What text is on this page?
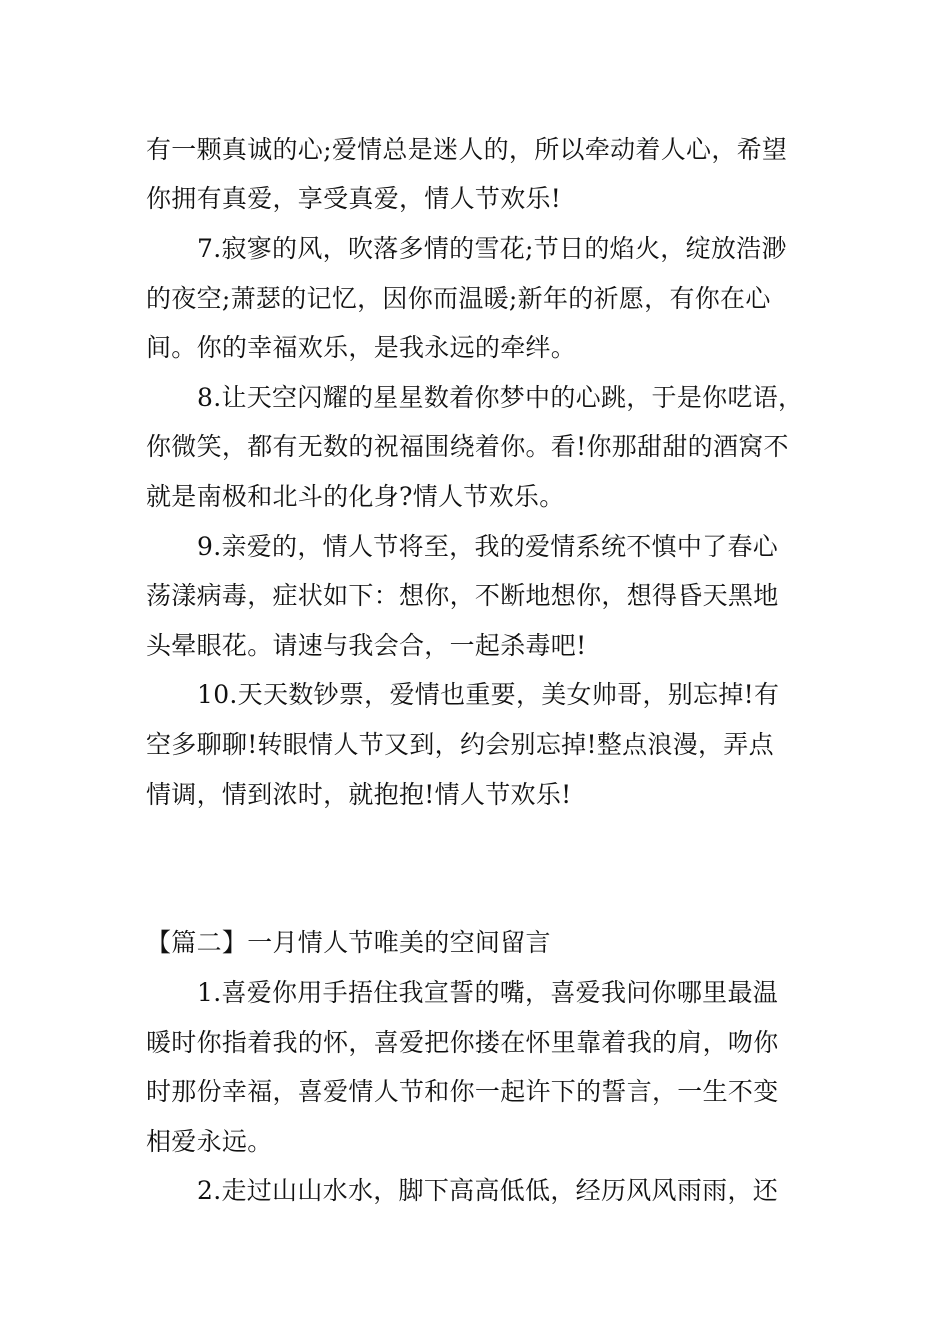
有一颗真诚的心;爱情总是迷人的，所以牵动着人心，希望
你拥有真爱，享受真爱，情人节欢乐!
7.寂寥的风，吹落多情的雪花;节日的焰火，绽放浩渺
的夜空;萧瑟的记忆，因你而温暖;新年的祈愿，有你在心
间。你的幸福欢乐，是我永远的牵绊。
8.让天空闪耀的星星数着你梦中的心跳，于是你呓语，
你微笑，都有无数的祝福围绕着你。看!你那甜甜的酒窝不
就是南极和北斗的化身?情人节欢乐。
9.亲爱的，情人节将至，我的爱情系统不慎中了春心
荡漾病毒，症状如下：想你，不断地想你，想得昏天黑地
头晕眼花。请速与我会合，一起杀毒吧!
10.天天数钞票，爱情也重要，美女帅哥，别忘掉!有
空多聊聊!转眼情人节又到，约会别忘掉!整点浪漫，弄点
情调，情到浓时，就抱抱!情人节欢乐!
【篇二】一月情人节唯美的空间留言
1.喜爱你用手捂住我宣誓的嘴，喜爱我问你哪里最温
暖时你指着我的怀，喜爱把你搂在怀里靠着我的肩，吻你
时那份幸福，喜爱情人节和你一起许下的誓言，一生不变
相爱永远。
2.走过山山水水，脚下高高低低，经历风风雨雨，还
